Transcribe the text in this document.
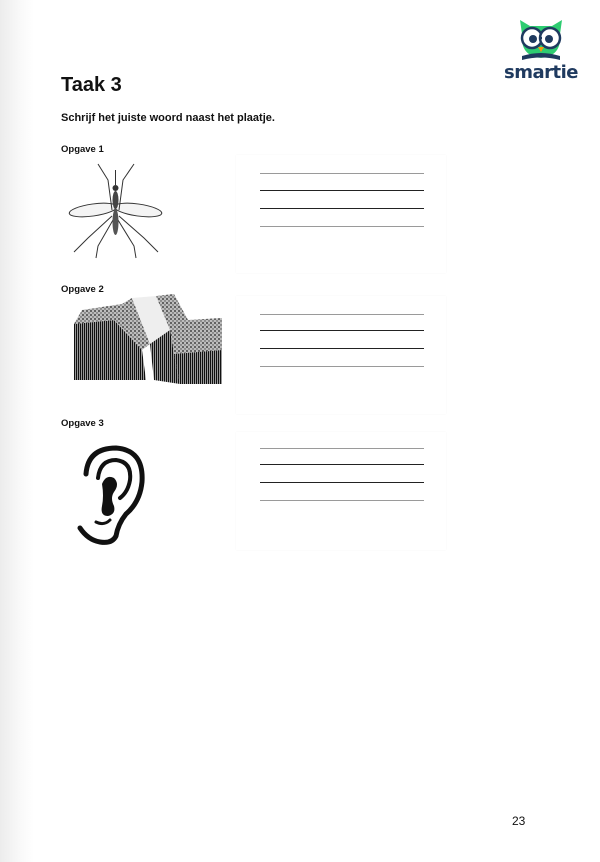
smartie
Taak 3

Schrijf het juiste woord naast het plaatje.

Opgave 1
Opgave 2
Opgave 3
23
